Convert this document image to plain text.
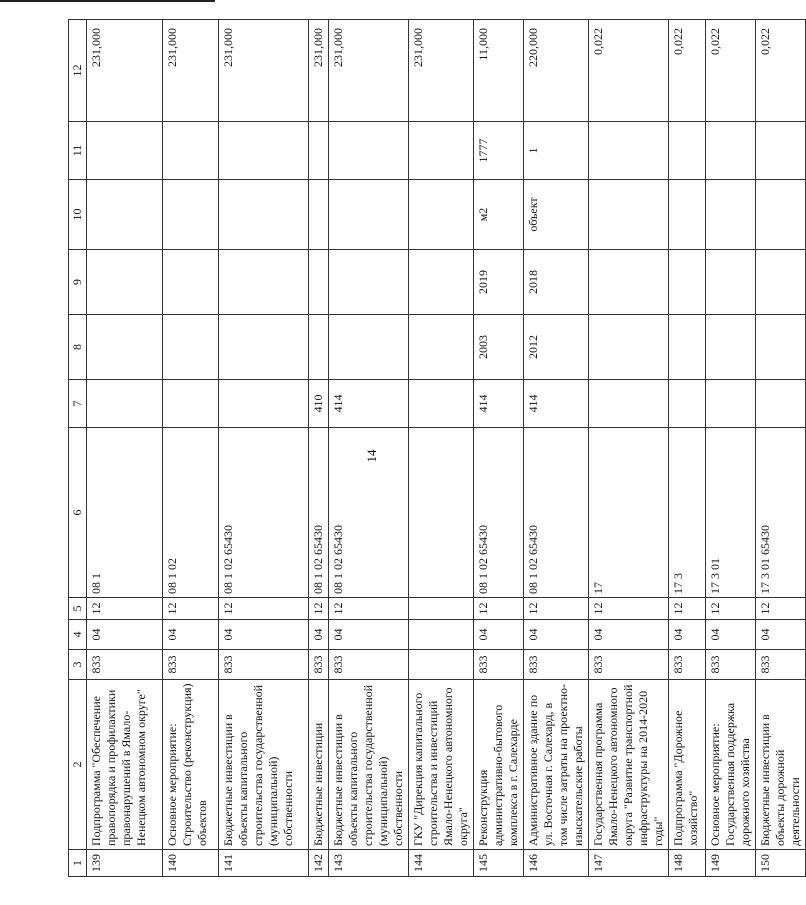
14
1	2	3	4	5	6	7	8	9	10	11	12
139	Подпрограмма "Обеспечение правопорядка и профилактики правонарушений в Ямало-Ненецком автономном округе"	833	04	12	08 1						231,000
140	Основное мероприятие: Строительство (реконструкция) объектов	833	04	12	08 1 02						231,000
141	Бюджетные инвестиции в объекты капитального строительства государственной (муниципальной) собственности	833	04	12	08 1 02 65430						231,000
142	Бюджетные инвестиции	833	04	12	08 1 02 65430	410					231,000
143	Бюджетные инвестиции в объекты капитального строительства государственной (муниципальной) собственности	833	04	12	08 1 02 65430	414					231,000
144	ГКУ "Дирекция капитального строительства и инвестиций Ямало-Ненецкого автономного округа"										231,000
145	Реконструкция административно-бытового комплекса в г. Салехарде	833	04	12	08 1 02 65430	414	2003	2019	м2	1777	11,000
146	Административное здание по ул. Восточная г. Салехард, в том числе затраты на проектно-изыскательские работы	833	04	12	08 1 02 65430	414	2012	2018	объект	1	220,000
147	Государственная программа Ямало-Ненецкого автономного округа "Развитие транспортной инфраструктуры на 2014-2020 годы"	833	04	12	17						0,022
148	Подпрограмма "Дорожное хозяйство"	833	04	12	17 3						0,022
149	Основное мероприятие: Государственная поддержка дорожного хозяйства	833	04	12	17 3 01						0,022
150	Бюджетные инвестиции в объекты дорожной деятельности	833	04	12	17 3 01 65430						0,022
